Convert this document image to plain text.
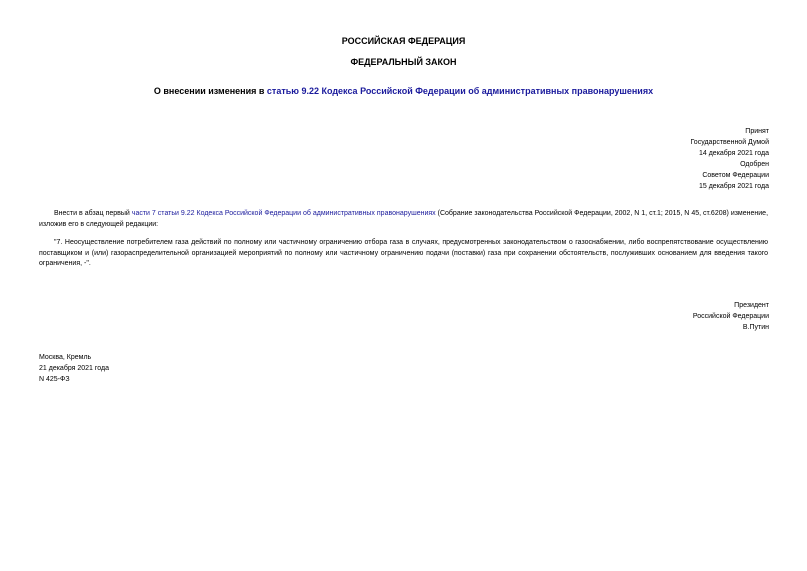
РОССИЙСКАЯ ФЕДЕРАЦИЯ
ФЕДЕРАЛЬНЫЙ ЗАКОН
О внесении изменения в статью 9.22 Кодекса Российской Федерации об административных правонарушениях
Принят
Государственной Думой
14 декабря 2021 года
Одобрен
Советом Федерации
15 декабря 2021 года
Внести в абзац первый части 7 статьи 9.22 Кодекса Российской Федерации об административных правонарушениях (Собрание законодательства Российской Федерации, 2002, N 1, ст.1; 2015, N 45, ст.6208) изменение, изложив его в следующей редакции:
"7. Неосуществление потребителем газа действий по полному или частичному ограничению отбора газа в случаях, предусмотренных законодательством о газоснабжении, либо воспрепятствование осуществлению поставщиком и (или) газораспределительной организацией мероприятий по полному или частичному ограничению подачи (поставки) газа при сохранении обстоятельств, послуживших основанием для введения такого ограничения, -".
Президент
Российской Федерации
В.Путин
Москва, Кремль
21 декабря 2021 года
N 425-ФЗ
